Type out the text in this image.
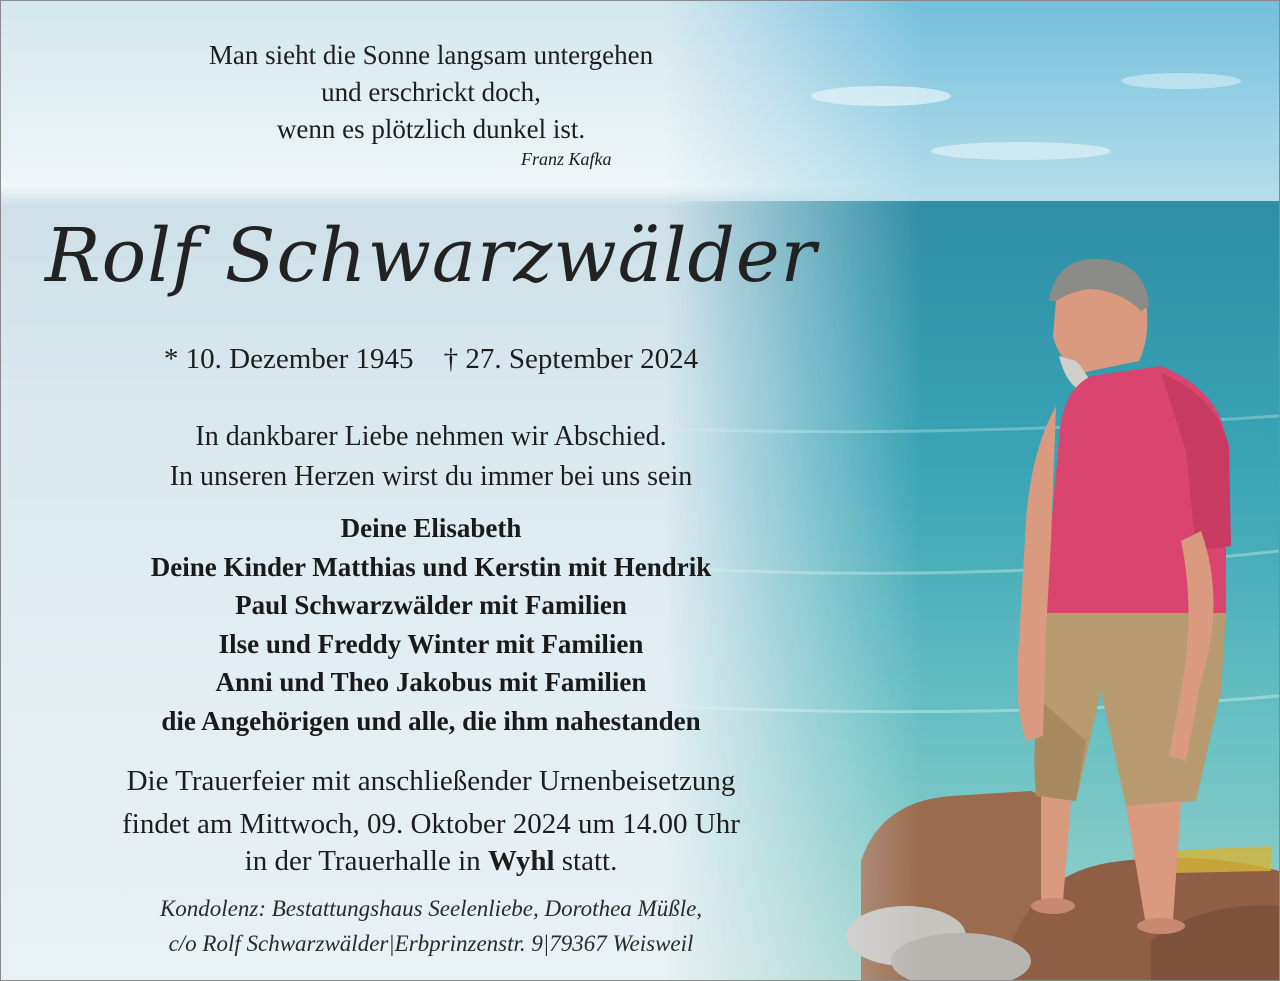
Man sieht die Sonne langsam untergehen
und erschrickt doch,
wenn es plötzlich dunkel ist.
Franz Kafka
Rolf Schwarzwälder
* 10. Dezember 1945 † 27. September 2024
In dankbarer Liebe nehmen wir Abschied.
In unseren Herzen wirst du immer bei uns sein
Deine Elisabeth
Deine Kinder Matthias und Kerstin mit Hendrik
Paul Schwarzwälder mit Familien
Ilse und Freddy Winter mit Familien
Anni und Theo Jakobus mit Familien
die Angehörigen und alle, die ihm nahestanden
Die Trauerfeier mit anschließender Urnenbeisetzung
findet am Mittwoch, 09. Oktober 2024 um 14.00 Uhr
in der Trauerhalle in Wyhl statt.
Kondolenz: Bestattungshaus Seelenliebe, Dorothea Müßle,
c/o Rolf Schwarzwälder|Erbprinzenstr. 9|79367 Weisweil
